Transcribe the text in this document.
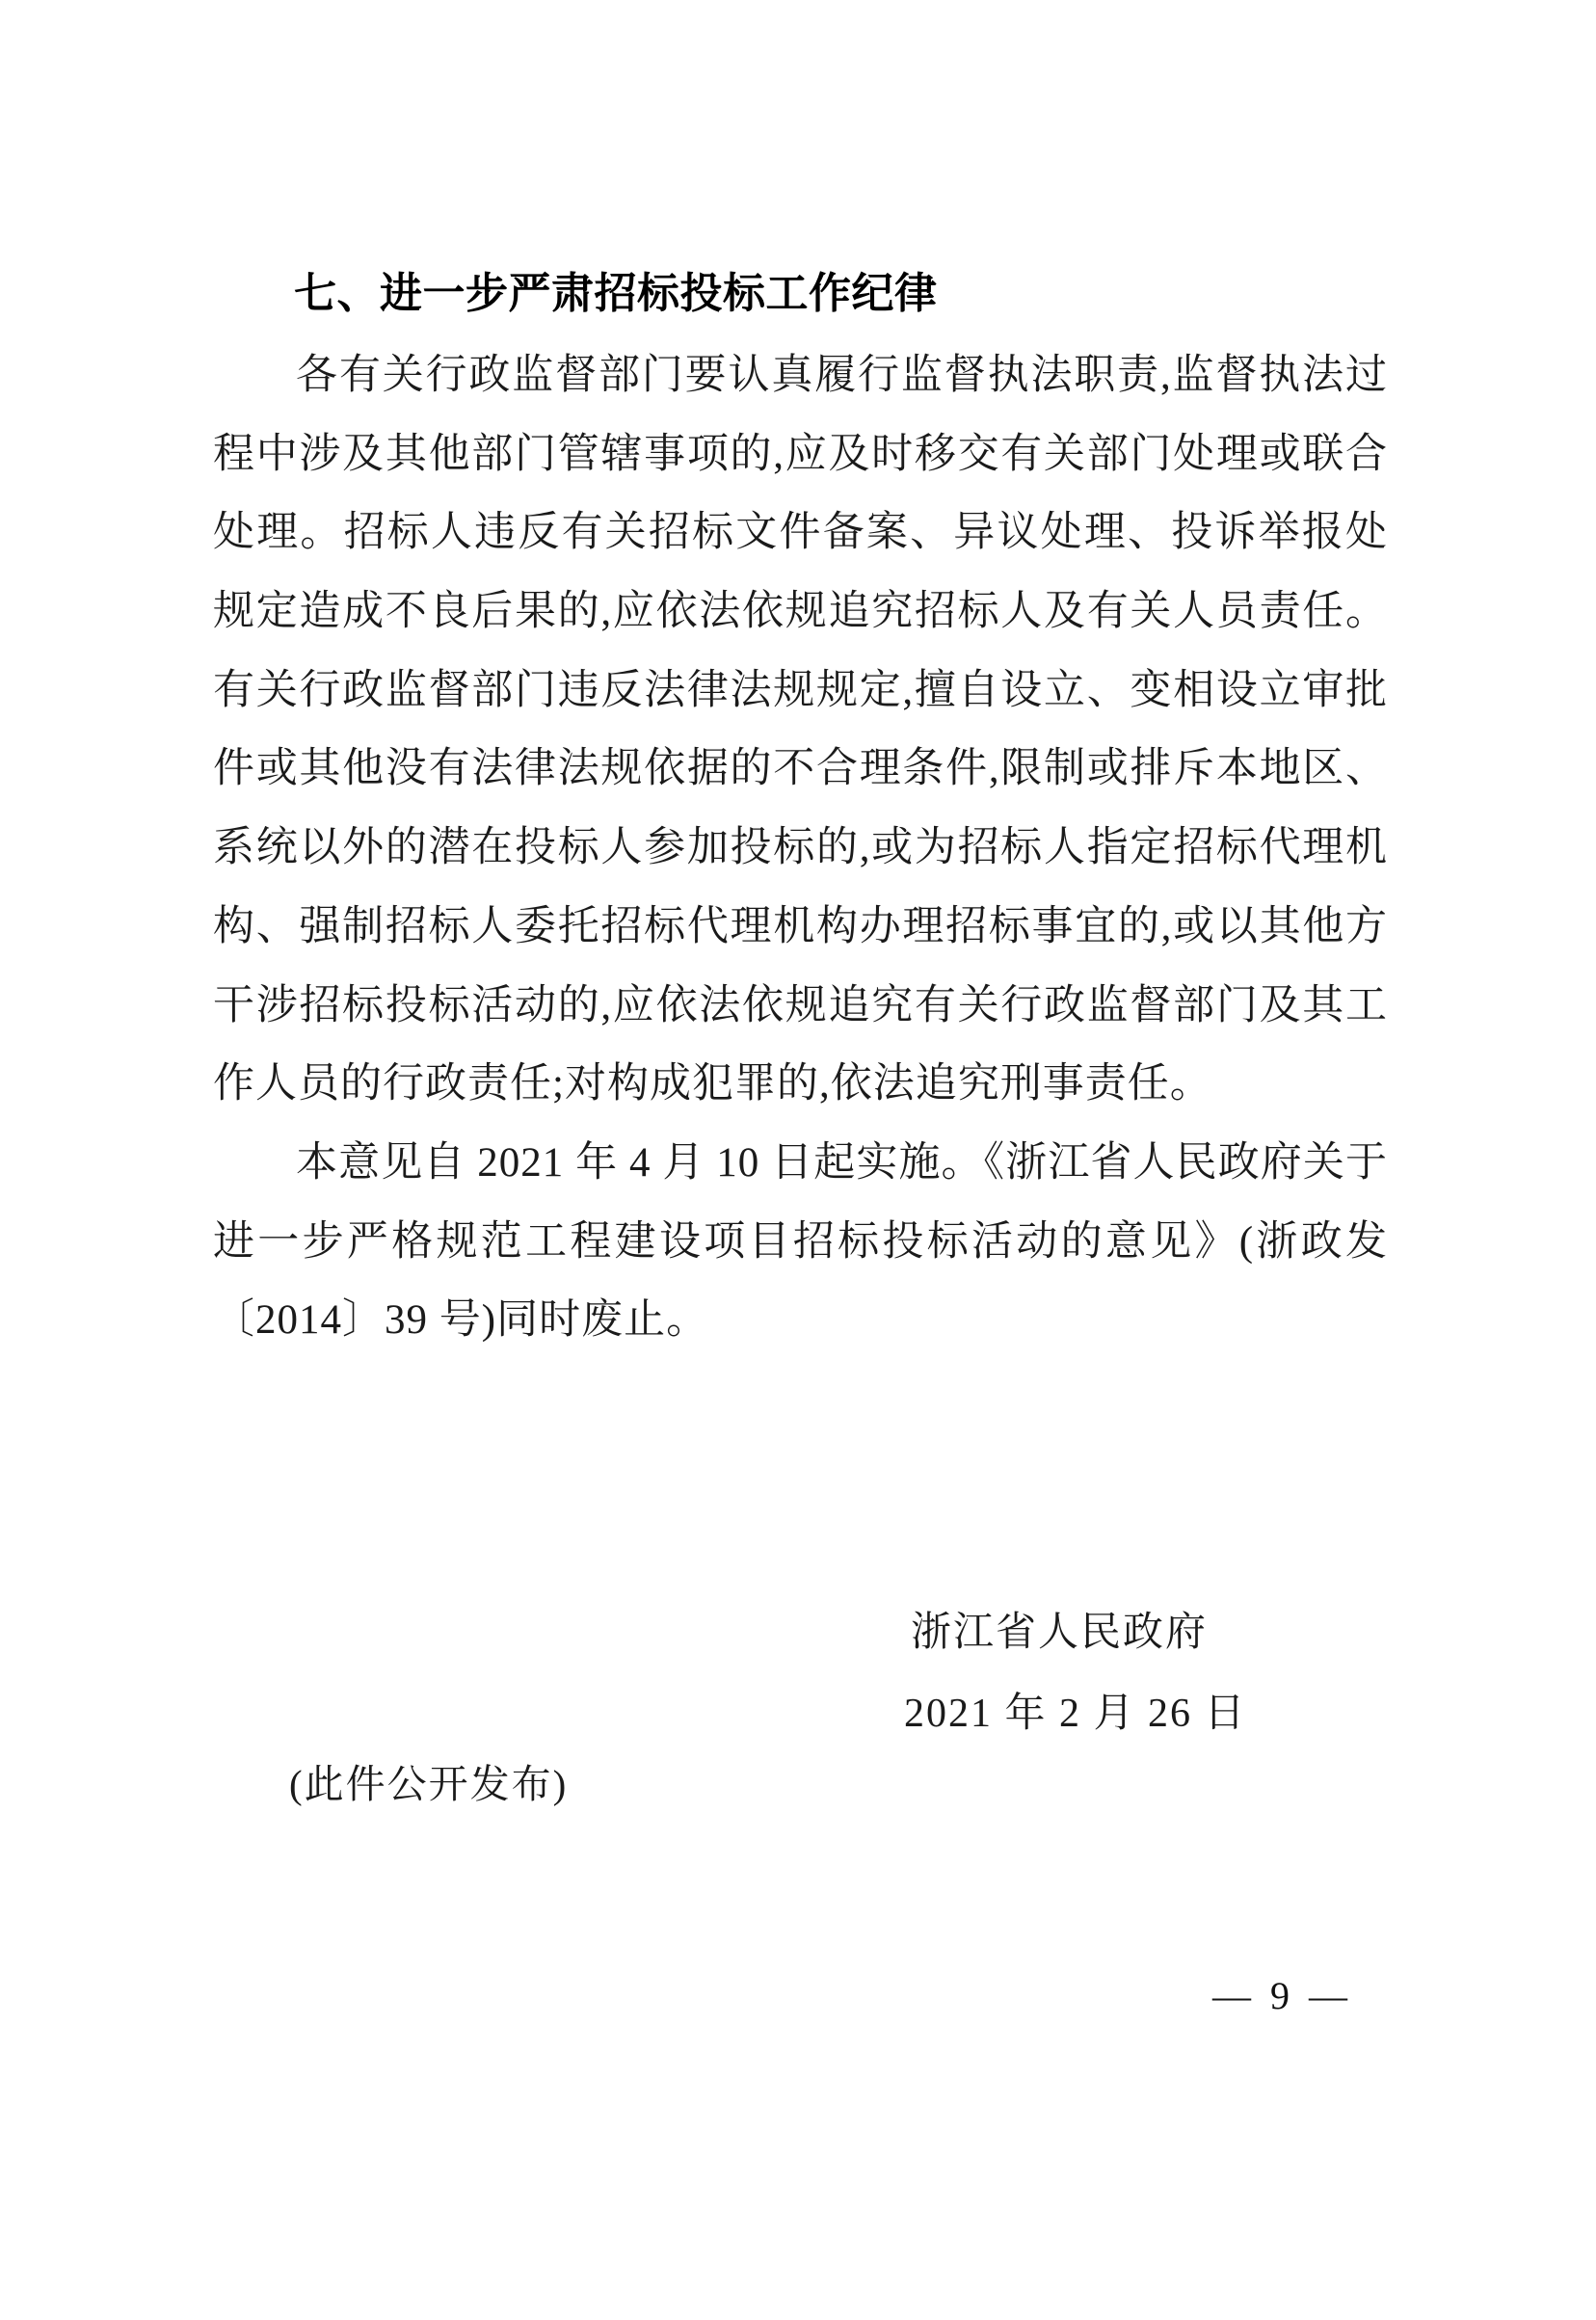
七、进一步严肃招标投标工作纪律
各有关行政监督部门要认真履行监督执法职责,监督执法过
程中涉及其他部门管辖事项的,应及时移交有关部门处理或联合
处理。招标人违反有关招标文件备案、异议处理、投诉举报处
规定造成不良后果的,应依法依规追究招标人及有关人员责任。
有关行政监督部门违反法律法规规定,擅自设立、变相设立审批
件或其他没有法律法规依据的不合理条件,限制或排斥本地区、
系统以外的潜在投标人参加投标的,或为招标人指定招标代理机
构、强制招标人委托招标代理机构办理招标事宜的,或以其他方
干涉招标投标活动的,应依法依规追究有关行政监督部门及其工
作人员的行政责任;对构成犯罪的,依法追究刑事责任。
本意见自 2021 年 4 月 10 日起实施。《浙江省人民政府关于
进一步严格规范工程建设项目招标投标活动的意见》(浙政发
〔2014〕39 号)同时废止。
浙江省人民政府
2021 年 2 月 26 日
(此件公开发布)
— 9 —
